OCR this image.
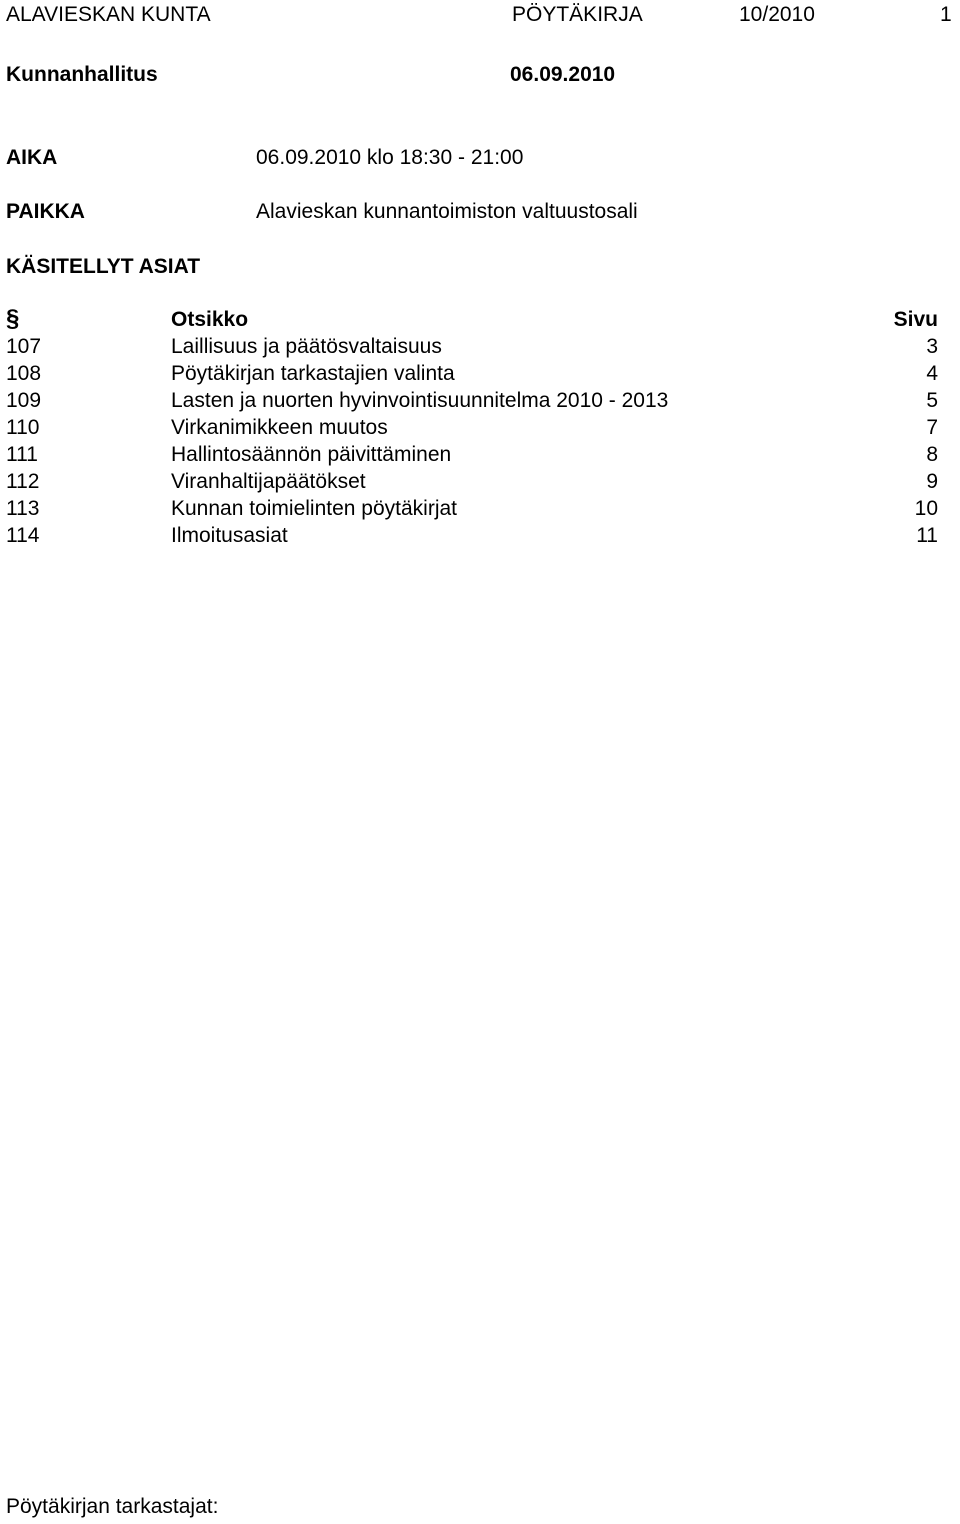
ALAVIESKAN KUNTA	PÖYTÄKIRJA	10/2010	1
Kunnanhallitus	06.09.2010
AIKA	06.09.2010 klo 18:30 - 21:00
PAIKKA	Alavieskan kunnantoimiston valtuustosali
KÄSITELLYT ASIAT
§	Otsikko	Sivu
107	Laillisuus ja päätösvaltaisuus	3
108	Pöytäkirjan tarkastajien valinta	4
109	Lasten ja nuorten hyvinvointisuunnitelma 2010 - 2013	5
110	Virkanimikkeen muutos	7
111	Hallintosäännön päivittäminen	8
112	Viranhaltijapäätökset	9
113	Kunnan toimielinten pöytäkirjat	10
114	Ilmoitusasiat	11
Pöytäkirjan tarkastajat:
